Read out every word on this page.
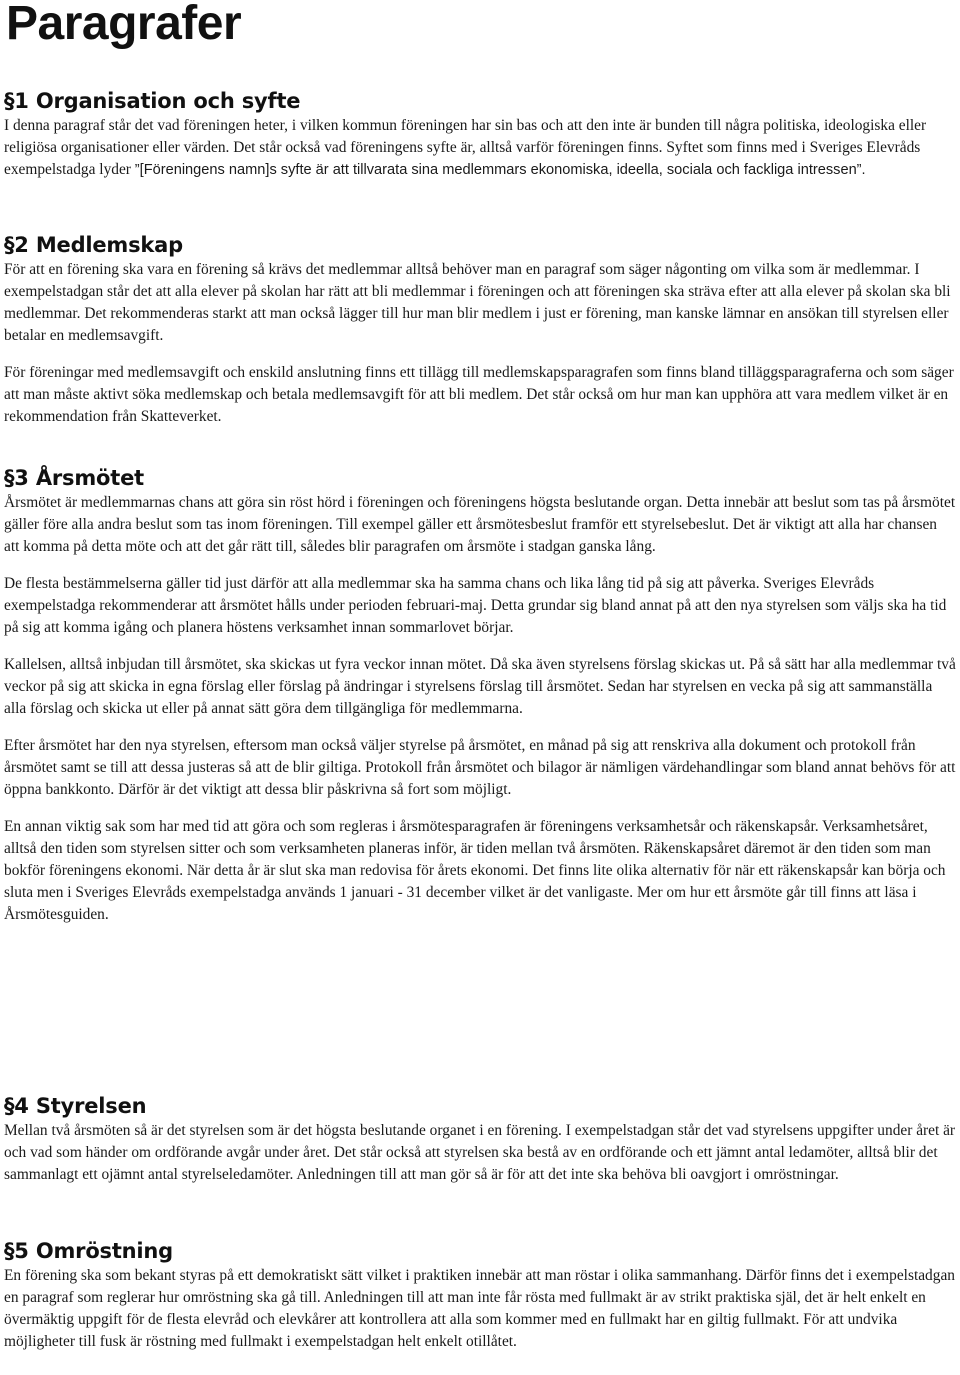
Paragrafer
§1 Organisation och syfte

I denna paragraf står det vad föreningen heter, i vilken kommun föreningen har sin bas och att den inte är bunden till några politiska, ideologiska eller religiösa organisationer eller värden. Det står också vad föreningens syfte är, alltså varför föreningen finns. Syftet som finns med i Sveriges Elevråds exempelstadga lyder ”[Föreningens namn]s syfte är att tillvarata sina medlemmars ekonomiska, ideella, sociala och fackliga intressen”.

§2 Medlemskap

För att en förening ska vara en förening så krävs det medlemmar alltså behöver man en paragraf som säger någonting om vilka som är medlemmar. I exempelstadgan står det att alla elever på skolan har rätt att bli medlemmar i föreningen och att föreningen ska sträva efter att alla elever på skolan ska bli medlemmar. Det rekommenderas starkt att man också lägger till hur man blir medlem i just er förening, man kanske lämnar en ansökan till styrelsen eller betalar en medlemsavgift.

För föreningar med medlemsavgift och enskild anslutning finns ett tillägg till medlemskapsparagrafen som finns bland tilläggsparagraferna och som säger att man måste aktivt söka medlemskap och betala medlemsavgift för att bli medlem. Det står också om hur man kan upphöra att vara medlem vilket är en rekommendation från Skatteverket.

§3 Årsmötet

Årsmötet är medlemmarnas chans att göra sin röst hörd i föreningen och föreningens högsta beslutande organ. Detta innebär att beslut som tas på årsmötet gäller före alla andra beslut som tas inom föreningen. Till exempel gäller ett årsmötesbeslut framför ett styrelsebeslut. Det är viktigt att alla har chansen att komma på detta möte och att det går rätt till, således blir paragrafen om årsmöte i stadgan ganska lång.

De flesta bestämmelserna gäller tid just därför att alla medlemmar ska ha samma chans och lika lång tid på sig att påverka. Sveriges Elevråds exempelstadga rekommenderar att årsmötet hålls under perioden februari-maj. Detta grundar sig bland annat på att den nya styrelsen som väljs ska ha tid på sig att komma igång och planera höstens verksamhet innan sommarlovet börjar.

Kallelsen, alltså inbjudan till årsmötet, ska skickas ut fyra veckor innan mötet. Då ska även styrelsens förslag skickas ut. På så sätt har alla medlemmar två veckor på sig att skicka in egna förslag eller förslag på ändringar i styrelsens förslag till årsmötet. Sedan har styrelsen en vecka på sig att sammanställa alla förslag och skicka ut eller på annat sätt göra dem tillgängliga för medlemmarna.

Efter årsmötet har den nya styrelsen, eftersom man också väljer styrelse på årsmötet, en månad på sig att renskriva alla dokument och protokoll från årsmötet samt se till att dessa justeras så att de blir giltiga. Protokoll från årsmötet och bilagor är nämligen värdehandlingar som bland annat behövs för att öppna bankkonto. Därför är det viktigt att dessa blir påskrivna så fort som möjligt.

En annan viktig sak som har med tid att göra och som regleras i årsmötesparagrafen är föreningens verksamhetsår och räkenskapsår. Verksamhetsåret, alltså den tiden som styrelsen sitter och som verksamheten planeras inför, är tiden mellan två årsmöten. Räkenskapsåret däremot är den tiden som man bokför föreningens ekonomi. När detta år är slut ska man redovisa för årets ekonomi. Det finns lite olika alternativ för när ett räkenskapsår kan börja och sluta men i Sveriges Elevråds exempelstadga används 1 januari - 31 december vilket är det vanligaste. Mer om hur ett årsmöte går till finns att läsa i Årsmötesguiden.

§4 Styrelsen

Mellan två årsmöten så är det styrelsen som är det högsta beslutande organet i en förening. I exempelstadgan står det vad styrelsens uppgifter under året är och vad som händer om ordförande avgår under året. Det står också att styrelsen ska bestå av en ordförande och ett jämnt antal ledamöter, alltså blir det sammanlagt ett ojämnt antal styrelseledamöter. Anledningen till att man gör så är för att det inte ska behöva bli oavgjort i omröstningar.

§5 Omröstning

En förening ska som bekant styras på ett demokratiskt sätt vilket i praktiken innebär att man röstar i olika sammanhang. Därför finns det i exempelstadgan en paragraf som reglerar hur omröstning ska gå till. Anledningen till att man inte får rösta med fullmakt är av strikt praktiska själ, det är helt enkelt en övermäktig uppgift för de flesta elevråd och elevkårer att kontrollera att alla som kommer med en fullmakt har en giltig fullmakt. För att undvika möjligheter till fusk är röstning med fullmakt i exempelstadgan helt enkelt otillåtet.
